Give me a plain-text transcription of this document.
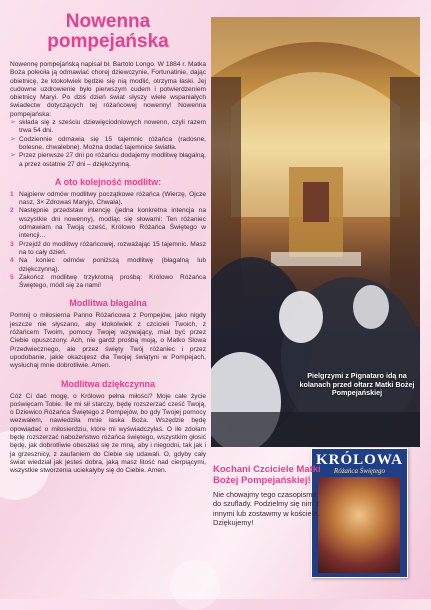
Nowenna
pompejańska

Nowennę pompejańską napisał bł. Bartolo Longo. W 1884 r. Matka Boża poleciła ją odmawiać chorej dziewczynie, Fortunatinie, dając obietnicę, że ktokolwiek będzie się nią modlić, otrzyma łaski. Jej cudowne uzdrowienie było pierwszym cudem i potwierdzeniem obietnicy Maryi. Po dziś dzień świat słyszy wiele wspaniałych świadectw dotyczących tej różańcowej nowenny! Nowenna pompejańska:

➢ składa się z sześciu dziewięciodniowych nowenn, czyli razem trwa 54 dni.
➢ Codziennie odmawia się 15 tajemnic różańca (radosne, bolesne, chwalebne). Można dodać tajemnice światła.
➢ Przez pierwsze 27 dni po różańcu dodajemy modlitwę błagalną, a przez ostatnie 27 dni – dziękczynną.
A oto kolejność modlitw:
1 Najpierw odmów modlitwy początkowe różańca (Wierzę, Ojcze nasz, 3× Zdrowaś Maryjo, Chwała).
2 Następnie przedstaw intencję (jedna konkretna intencja na wszystkie dni nowenny), modląc się słowami: Ten różaniec odmawiam na Twoją cześć, Królowo Różańca Świętego w intencji...
3 Przejdź do modlitwy różańcowej, rozważając 15 tajemnic. Masz na to cały dzień.
4 Na koniec odmów poniższą modlitwę (błagalną lub dziękczynną).
5 Zakończ modlitwę trzykrotną prośbą: Królowo Różańca Świętego, módl się za nami!
Modlitwa błagalna

Pomnij o miłosierna Panno Różańcowa z Pompejów, jako nigdy jeszcze nie słyszano, aby ktokolwiek z czcicieli Twoich, z różańcem Twoim, pomocy Twojej wzywający, miał być przez Ciebie opuszczony. Ach, nie gardź prośbą moją, o Matko Słowa Przedwiecznego, ale przez święty Twój różaniec i przez upodobanie, jakie okazujesz dla Twojej świątyni w Pompejach, wysłuchaj mnie dobrotliwie. Amen.

Modlitwa dziękczynna

Cóż Ci dać mogę, o Królowo pełna miłości? Moje całe życie poświęcam Tobie. Ile mi sił starczy, będę rozszerzać cześć Twoją, o Dziewico Różańca Świętego z Pompejów, bo gdy Twojej pomocy wezwałem, nawiedziła mnie łaska Boża. Wszędzie będę opowiadać o miłosierdziu, które mi wyświadczyłaś. O ile zdołam będę rozszerzać nabożeństwo różańca świętego, wszystkim głosić będę, jak dobrotliwie obeszłaś się ze mną, aby i niegodni, tak jak i ja grzesznicy, z zaufaniem do Ciebie się udawali. O, gdyby cały świat wiedział jak jesteś dobra, jaką masz litość nad cierpiącymi, wszystkie stworzenia uciekałyby się do Ciebie. Amen.

Pielgrzymi z Pignataro idą na kolanach przed ołtarz Matki Bożej Pompejańskiej
KRÓLOWA
Różańca Świętego
Kochani Czciciele Matki Bożej Pompejańskiej!

Nie chowajmy tego czasopisma do szuflady. Podzielmy się nim z innymi lub zostawmy w kościele.

Dziękujemy!
